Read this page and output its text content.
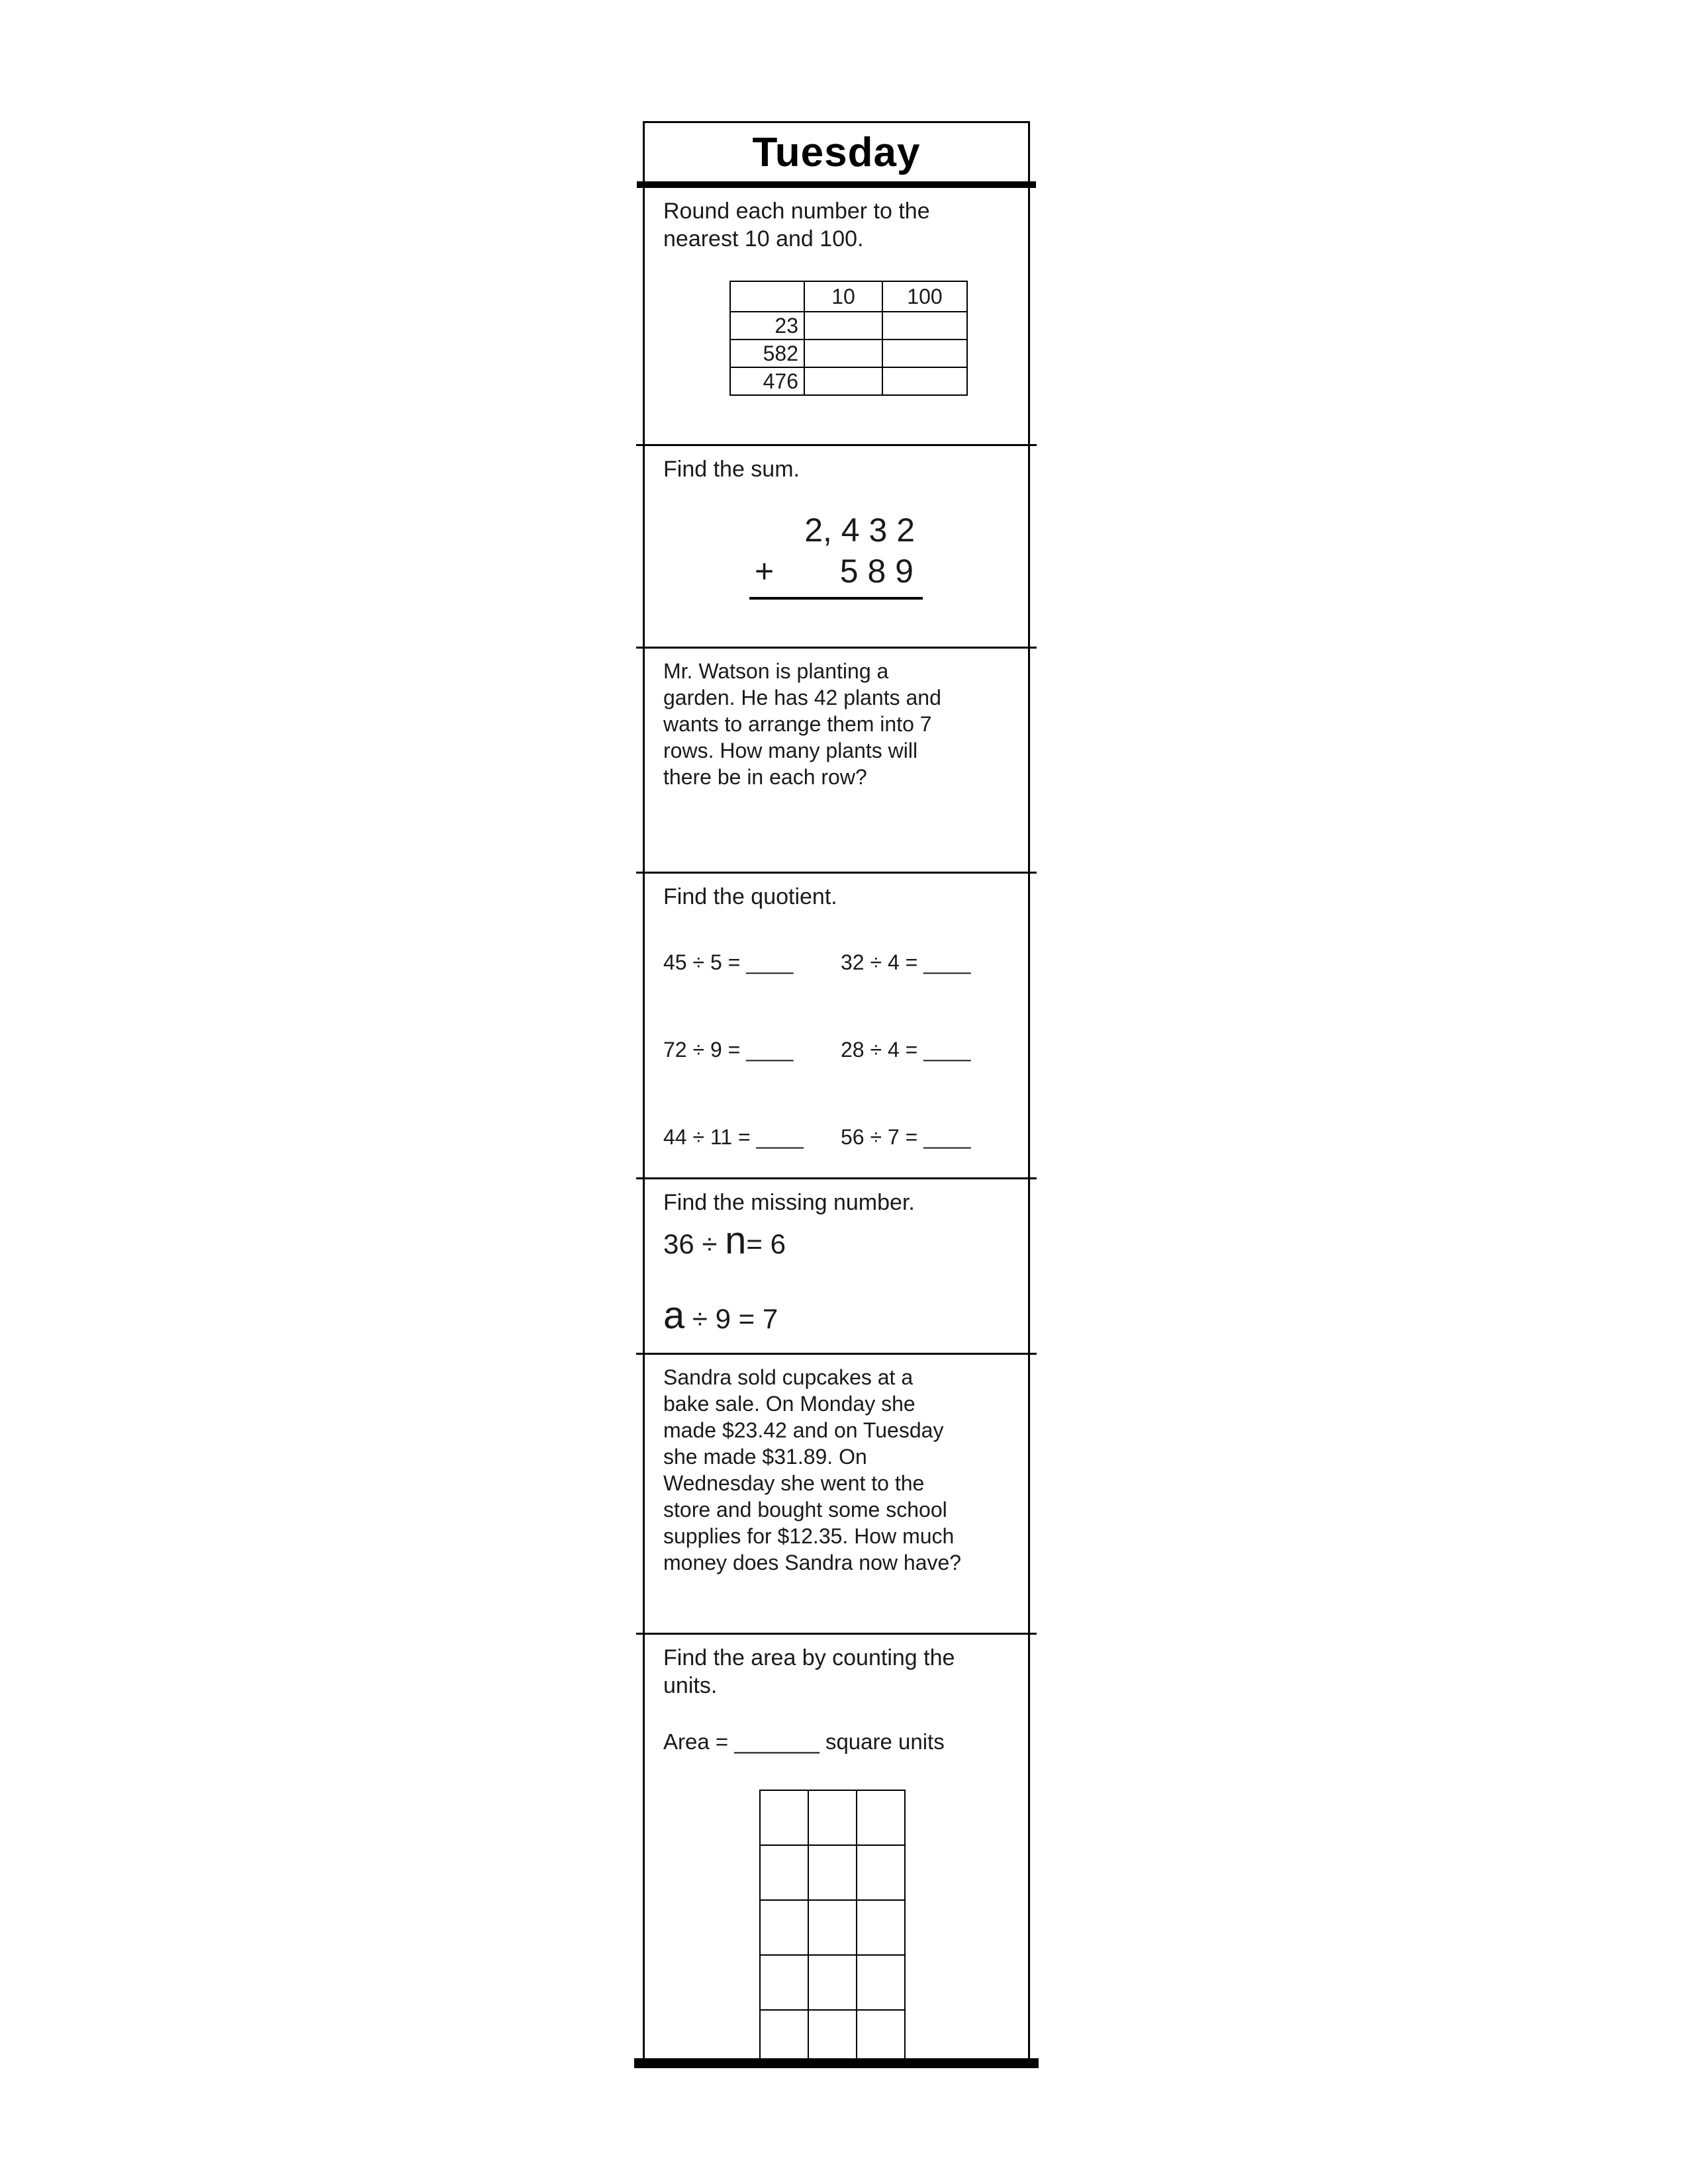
Tuesday
Round each number to the nearest 10 and 100.
	10	100
23		
582		
476		
Find the sum.
2, 4 3 2
+ 5 8 9
Mr. Watson is planting a garden. He has 42 plants and wants to arrange them into 7 rows. How many plants will there be in each row?
Find the quotient.
45 ÷ 5 = ____	32 ÷ 4 = ____
72 ÷ 9 = ____	28 ÷ 4 = ____
44 ÷ 11 = ____	56 ÷ 7 = ____
Find the missing number.
36 ÷ n= 6
a ÷ 9 = 7
Sandra sold cupcakes at a bake sale. On Monday she made $23.42 and on Tuesday she made $31.89. On Wednesday she went to the store and bought some school supplies for $12.35. How much money does Sandra now have?
Find the area by counting the units.
Area = _______ square units
